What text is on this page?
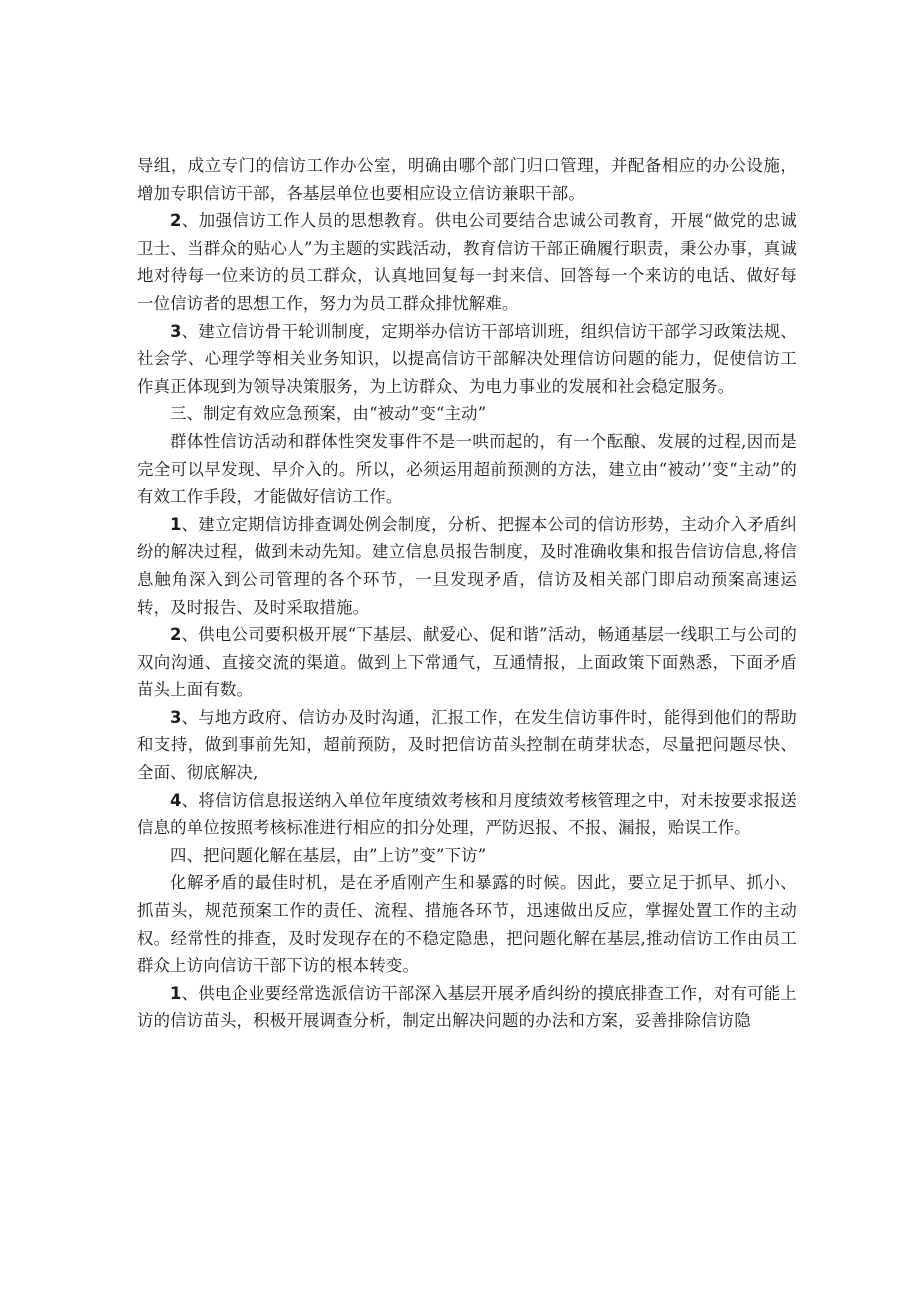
导组，成立专门的信访工作办公室，明确由哪个部门归口管理，并配备相应的办公设施，增加专职信访干部，各基层单位也要相应设立信访兼职干部。

2、加强信访工作人员的思想教育。供电公司要结合忠诚公司教育，开展“做党的忠诚卫士、当群众的贴心人”为主题的实践活动，教育信访干部正确履行职责，秉公办事，真诚地对待每一位来访的员工群众，认真地回复每一封来信、回答每一个来访的电话、做好每一位信访者的思想工作，努力为员工群众排忧解难。

3、建立信访骨干轮训制度，定期举办信访干部培训班，组织信访干部学习政策法规、社会学、心理学等相关业务知识，以提高信访干部解决处理信访问题的能力，促使信访工作真正体现到为领导决策服务，为上访群众、为电力事业的发展和社会稳定服务。

三、制定有效应急预案，由“被动”变“主动”

群体性信访活动和群体性突发事件不是一哄而起的，有一个酝酿、发展的过程,因而是完全可以早发现、早介入的。所以，必须运用超前预测的方法，建立由“被动’’变“主动”的有效工作手段，才能做好信访工作。

1、建立定期信访排查调处例会制度，分析、把握本公司的信访形势，主动介入矛盾纠纷的解决过程，做到未动先知。建立信息员报告制度，及时准确收集和报告信访信息,将信息触角深入到公司管理的各个环节，一旦发现矛盾，信访及相关部门即启动预案高速运转，及时报告、及时采取措施。

2、供电公司要积极开展“下基层、献爱心、促和谐”活动，畅通基层一线职工与公司的双向沟通、直接交流的渠道。做到上下常通气，互通情报，上面政策下面熟悉，下面矛盾苗头上面有数。

3、与地方政府、信访办及时沟通，汇报工作，在发生信访事件时，能得到他们的帮助和支持，做到事前先知，超前预防，及时把信访苗头控制在萌芽状态，尽量把问题尽快、全面、彻底解决,

4、将信访信息报送纳入单位年度绩效考核和月度绩效考核管理之中，对未按要求报送信息的单位按照考核标准进行相应的扣分处理，严防迟报、不报、漏报，贻误工作。

四、把问题化解在基层，由”上访”变”下访”

化解矛盾的最佳时机，是在矛盾刚产生和暴露的时候。因此，要立足于抓早、抓小、抓苗头，规范预案工作的责任、流程、措施各环节，迅速做出反应，掌握处置工作的主动权。经常性的排查，及时发现存在的不稳定隐患，把问题化解在基层,推动信访工作由员工群众上访向信访干部下访的根本转变。

1、供电企业要经常选派信访干部深入基层开展矛盾纠纷的摸底排查工作，对有可能上访的信访苗头，积极开展调查分析，制定出解决问题的办法和方案，妥善排除信访隐
